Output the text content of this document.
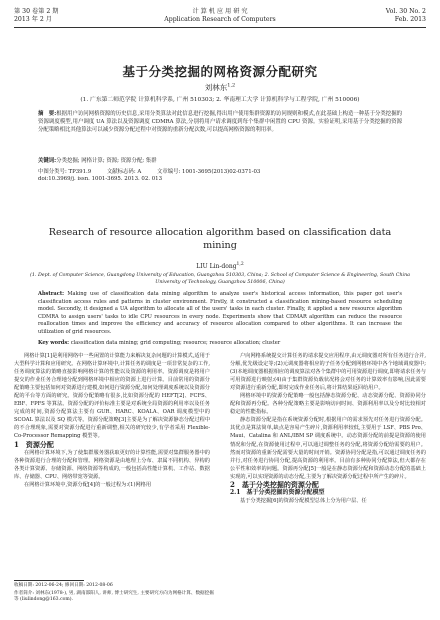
第 30 卷第 2 期
2013 年 2 月
计 算 机 应 用 研 究
Application Research of Computers
Vol. 30 No. 2
Feb. 2013
基于分类挖掘的网格资源分配研究
刘林东$^{1,2}$
(1. 广东第二师范学院 计算机科学系, 广州 510303; 2. 华南理工大学 计算机科学与工程学院, 广州 510006)
摘　要:根据用户访问网格资源的历史信息,采用分类算法对此信息进行挖掘,得出用户使用集群资源的访问规则和模式,在此基础上构造一种基于分类挖掘的资源调度模型,用户调度 UA 算法以及资源调度 CDMRA 算法,分别将用户请求调度到每个集群中闲置的 CPU 资源。实验证明,采用基于分类挖掘的资源分配策略相比其他算法可以减少资源分配过程中对资源的重新分配次数,可以提高网格资源的利用率。
关键词:分类挖掘; 网格计算; 资源; 资源分配; 集群
中图分类号: TP391.9	文献标志码: A	文章编号: 1001-3695(2013)02-0371-03
doi:10.3969/j. issn. 1001-3695. 2013. 02. 013
Research of resource allocation algorithm based on classification data mining
LIU Lin-dong$^{1,2}$
(1. Dept. of Computer Science, Guangdong University of Education, Guangzhou 510303, China; 2. School of Computer Science & Engineering, South China University of Technology, Guangzhou 510006, China)
Abstract: Making use of classification data mining algorithm to analyze user's historical access information, this paper got user's classification access rules and patterns in cluster environment. Firstly, it constructed a classification mining-based resource scheduling model. Secondly, it designed a UA algorithm to allocate all of the users' tasks in each cluster. Finally, it applied a new resource algorithm CDMRA to assign users' tasks to idle CPU resources in every node. Experiments show that CDMAR algorithm can reduce the resource reallocation times and improve the efficiency and accuracy of resource allocation compared to other algorithms. It can increase the utilization of grid resources.
Key words: classification data mining; grid computing; resource; resource allocation; cluster

网格计算[1]是利用网络中一些闲置的计算能力来解决复杂问题的计算模式,适用于大型科学计算和应用研究。在网格计算环境中,计算任务的调度是一项非常复杂的工作,任务调度算法的策略直接影响网格计算的性能以及资源的利用率。资源调度是将用户提交的作业任务合理地分配到网格环境中相应的资源上进行计算。目前常用的资源分配策略主要包括如何对资源进行建模,如何进行资源分配,如何处理调度系统以及资源分配的平台等方面的研究。资源分配策略有很多,比如资源分配的 HEFT[2]、FCFS、EBF、FPFS 等算法。资源分配的评价标准主要是对系统全局资源的利用率以及任务完成的时间,资源分配算法主要有 GUR、HARC、KOALA、OAR 调度模型中的 SCOAL 算法以及 SQ 模式等。资源分配策略[3]主要是为了解决资源静态分配过程中的不合理现象,需要对资源分配进行重新调整,相关的研究较少,有学者采用 Flexible-Co-Processor Remapping 模型等。

1　资源分配

在网格计算环境下,为了使集群服务器获取更好的计算性能,需要对集群服务器中的各种资源进行合理的分配和管理。网格资源是由地理上分布、隶属不同机构、异构的各类计算资源、存储资源、网络资源等构成的,一般包括高性能计算机、工作站、数据库、存储器、CPU、网络带宽等资源。

在网格计算环境中,资源分配[4]的一般过程为:(1)网格用

收稿日期: 2012-06-24; 修回日期: 2012-08-06
作者简介: 刘林东(1978-), 男, 湖南邵阳人, 讲师, 博士研究生, 主要研究方向为网格计算、数据挖掘等 (liulindong@163.com).

户向网格系统提交计算任务的请求提交应用程序,由元调度器对所有任务进行合并,分解,优先级设定等;(2)元调度器将相应的子任务分配到网格环境中各个地域调度器中;(3)本地调度器根据相应的调度算法对各个集群中的可用资源进行调度,即将请求任务与可用资源进行映射;(4)由于集群资源负载状况将会对任务的计算效率有影响,因此需要对资源进行重新分配,即时完成作业任务后,将计算结果返回给用户。

网格环境中的资源分配策略一般包括静态资源分配、动态资源分配、资源协同分配和资源再分配。各种分配策略主要是影响访问时间、资源利用率以及分时比较相对稳定的性能指标。

静态资源分配是指在系统资源分配时,根据用户的需求预先对任务进行资源分配。其优点是算法简单,缺点是容易产生碎片,资源利用率较低,主要用于 LSF、PBS Pro、Maui、Catalina 和 ANL/IBM SP 调度系统中。动态资源分配的前提是资源的使用情况和分配,在资源使用过程中,可以通过调整任务的分配,将资源分配给需要的用户。然而对资源的重新分配需要大量的时间开销。资源协同分配是指,可以通过调度任务的并行,对任务进行协同分配,提高资源的利用率。目前有多种协同分配算法,但大都存在公平性和效率的问题。资源再分配[5]一般是在静态资源分配和资源动态分配的基础上实现的,可以实现资源的动态分配,主要为了解决资源分配过程中所产生的碎片。

2　基于分类挖掘的资源分配

2.1　基于分类挖掘的资源分配模型

基于分类挖掘[6]的资源分配模型总体上分为用户层、任
